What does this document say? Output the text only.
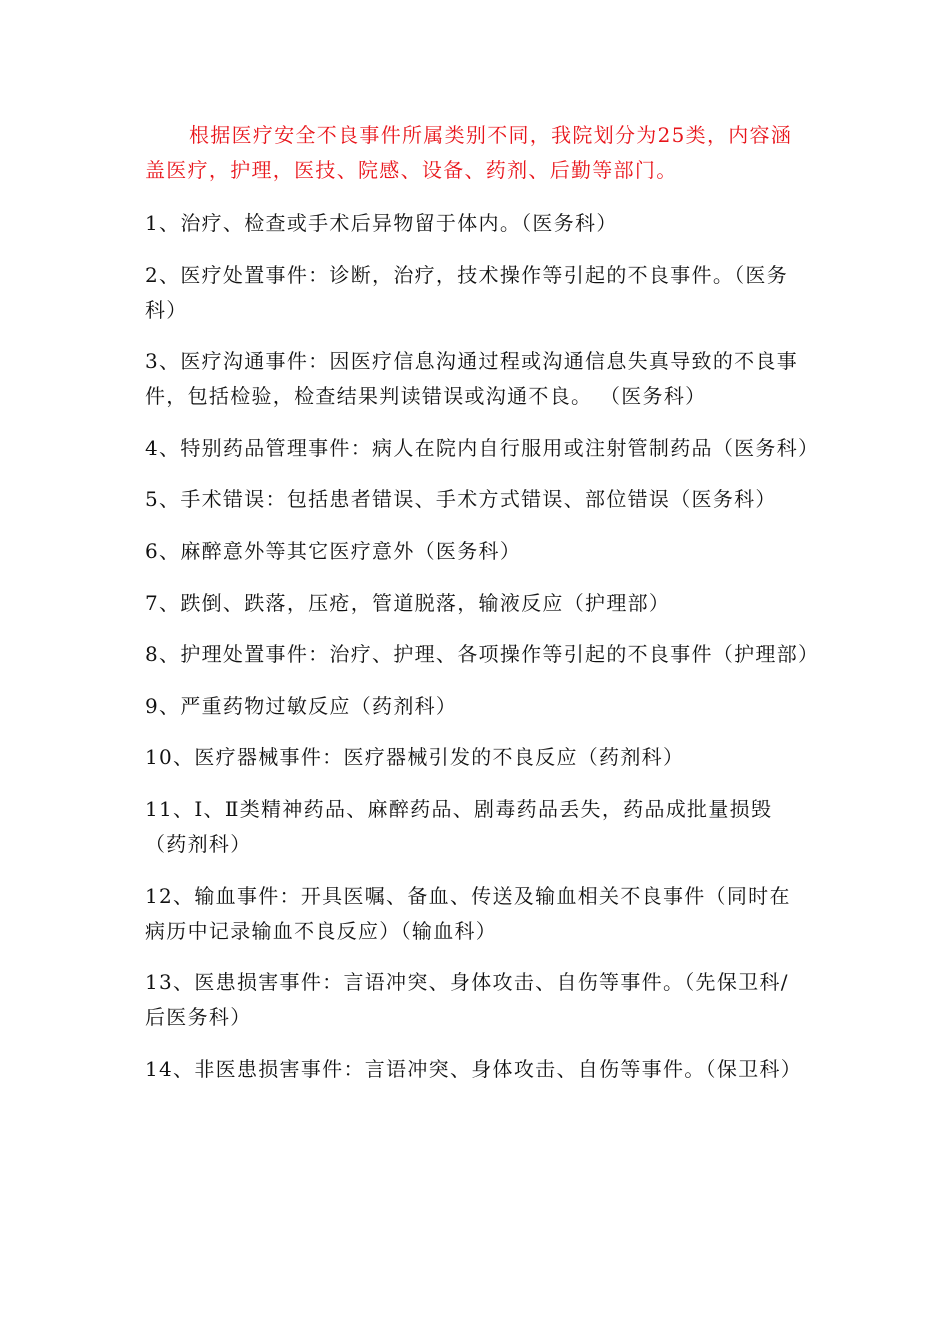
根据医疗安全不良事件所属类别不同，我院划分为25类，内容涵盖医疗，护理，医技、院感、设备、药剂、后勤等部门。

1、治疗、检查或手术后异物留于体内。（医务科）

2、医疗处置事件：诊断，治疗，技术操作等引起的不良事件。（医务科）

3、医疗沟通事件：因医疗信息沟通过程或沟通信息失真导致的不良事件，包括检验，检查结果判读错误或沟通不良。 （医务科）

4、特别药品管理事件：病人在院内自行服用或注射管制药品（医务科）

5、手术错误：包括患者错误、手术方式错误、部位错误（医务科）

6、麻醉意外等其它医疗意外（医务科）

7、跌倒、跌落，压疮，管道脱落，输液反应（护理部）

8、护理处置事件：治疗、护理、各项操作等引起的不良事件（护理部）

9、严重药物过敏反应（药剂科）

10、医疗器械事件：医疗器械引发的不良反应（药剂科）

11、Ⅰ、Ⅱ类精神药品、麻醉药品、剧毒药品丢失，药品成批量损毁（药剂科）

12、输血事件：开具医嘱、备血、传送及输血相关不良事件（同时在病历中记录输血不良反应）（输血科）

13、医患损害事件：言语冲突、身体攻击、自伤等事件。（先保卫科/后医务科）

14、非医患损害事件：言语冲突、身体攻击、自伤等事件。（保卫科）
